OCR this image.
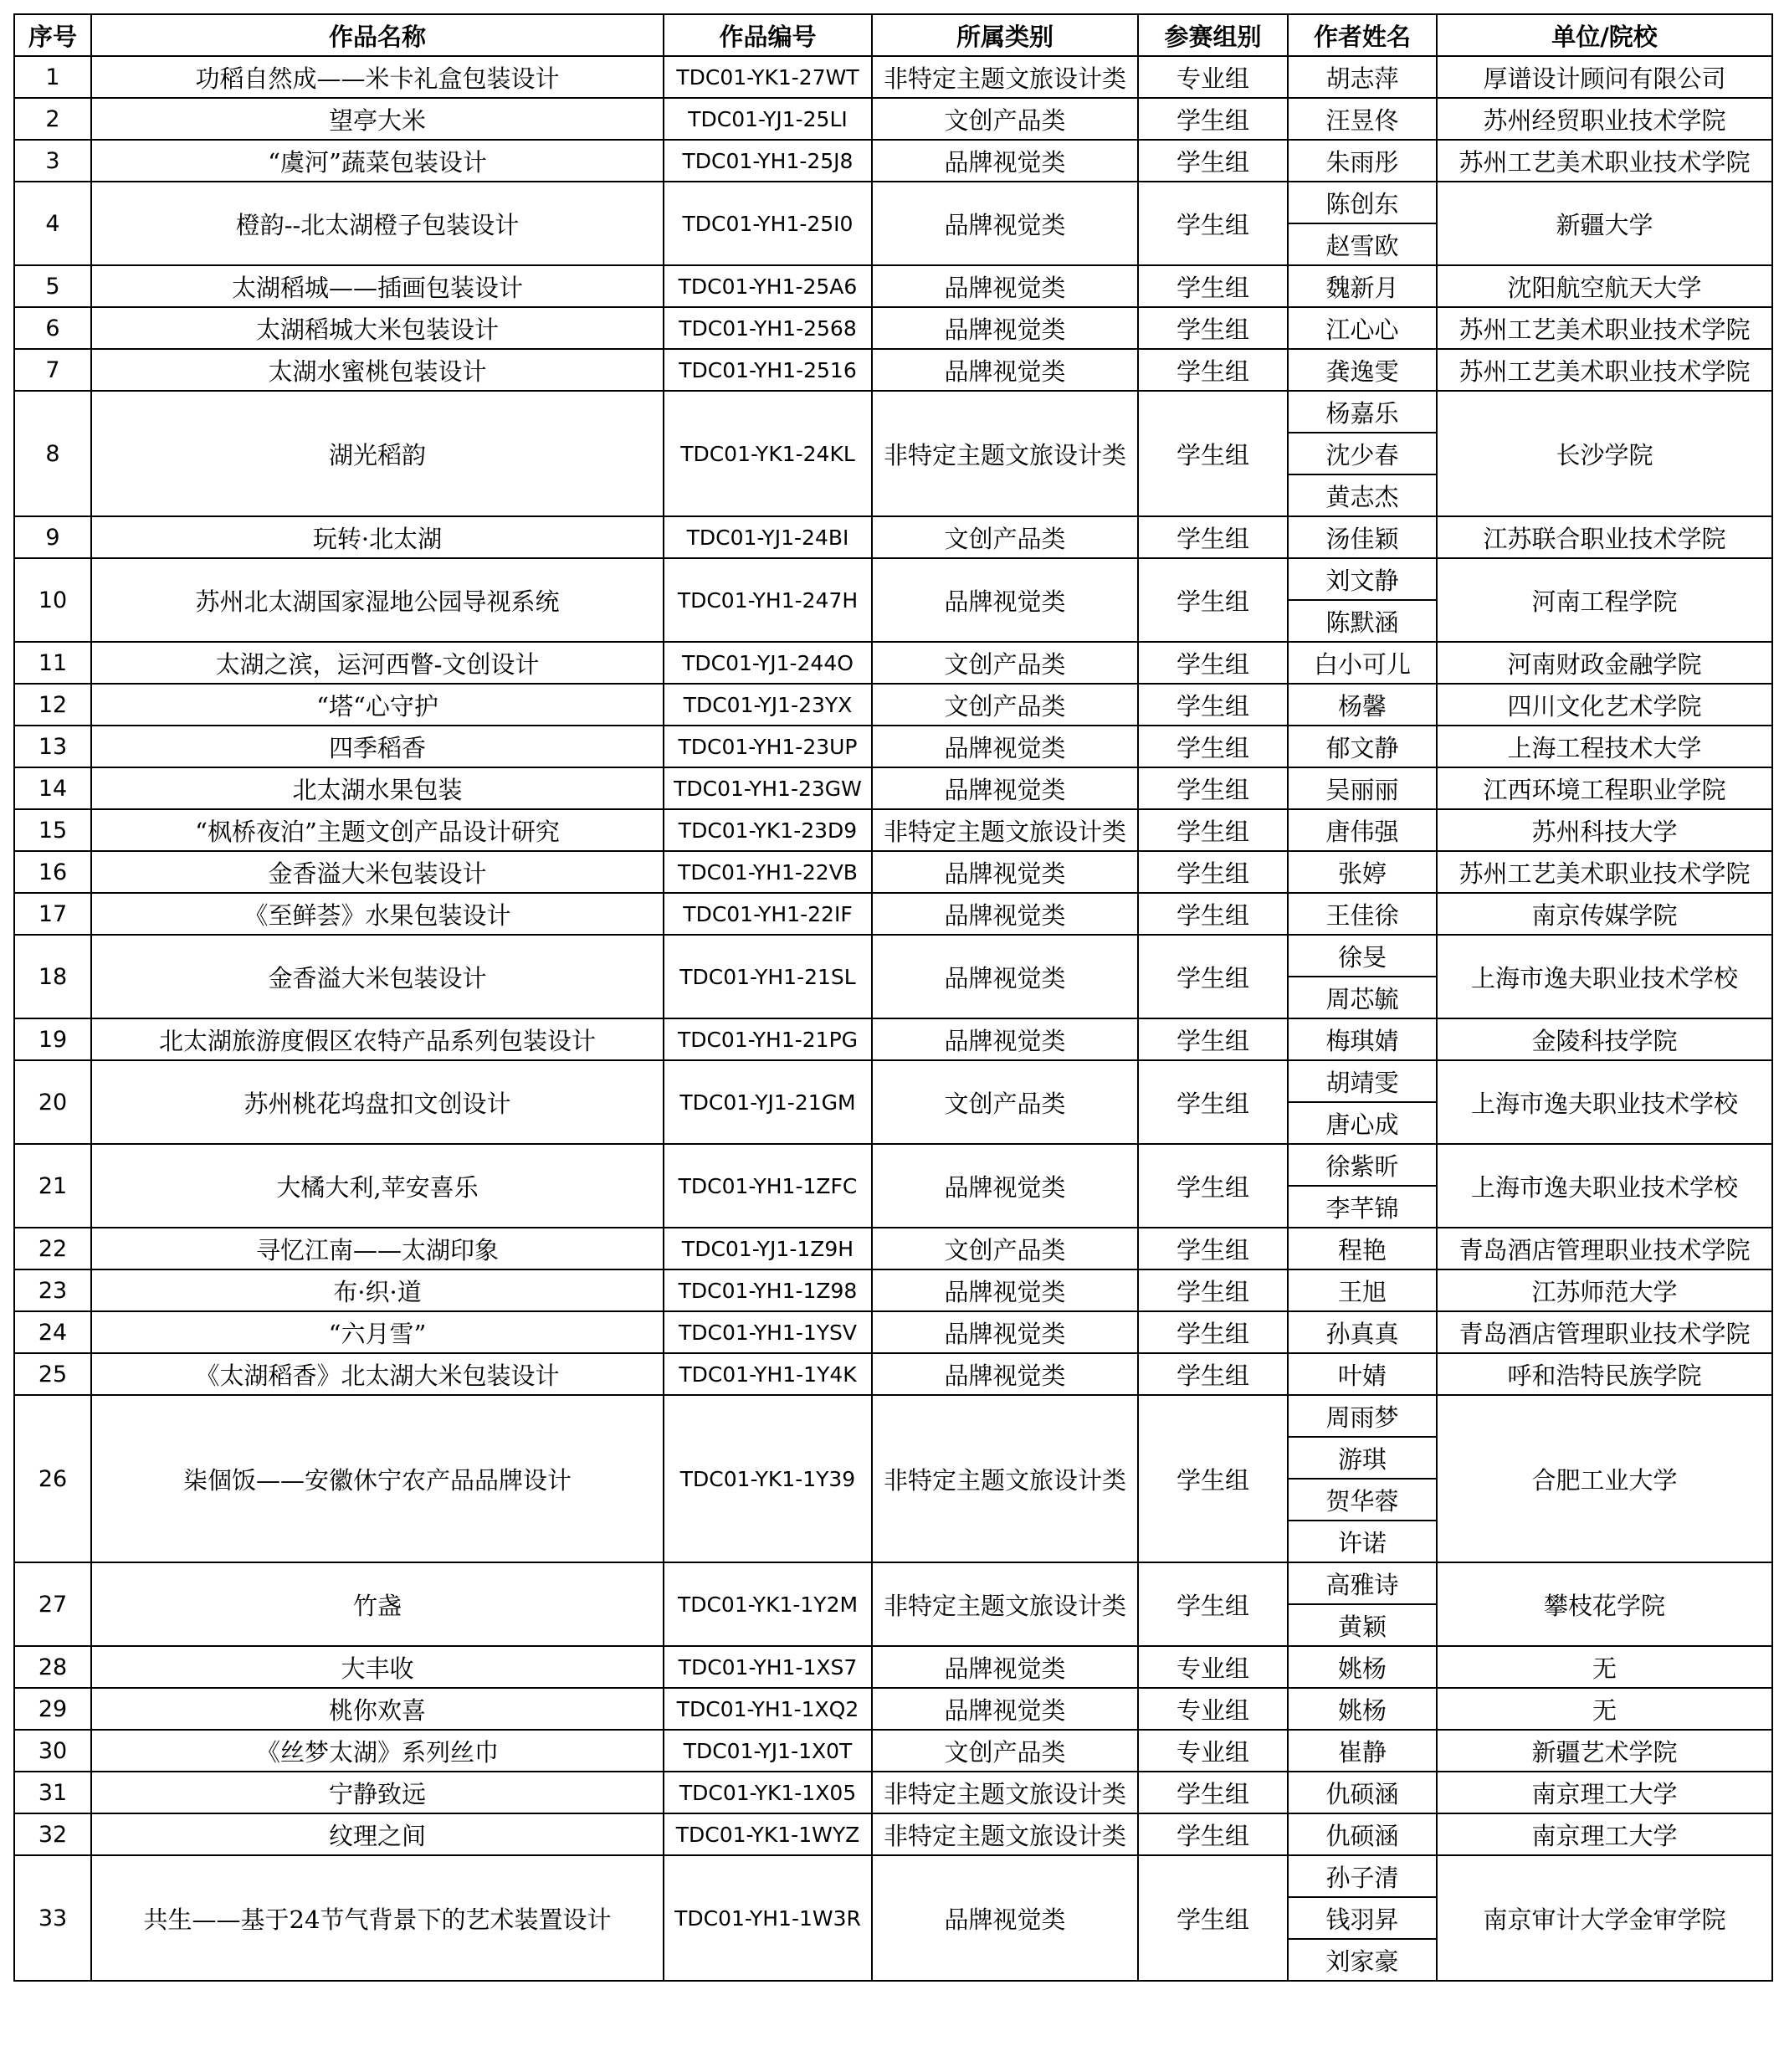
序号	作品名称	作品编号	所属类别	参赛组别	作者姓名	单位/院校
1	功稻自然成——米卡礼盒包装设计	TDC01-YK1-27WT	非特定主题文旅设计类	专业组	胡志萍	厚谱设计顾问有限公司
2	望亭大米	TDC01-YJ1-25LI	文创产品类	学生组	汪昱佟	苏州经贸职业技术学院
3	“虞河”蔬菜包装设计	TDC01-YH1-25J8	品牌视觉类	学生组	朱雨彤	苏州工艺美术职业技术学院
4	橙韵--北太湖橙子包装设计	TDC01-YH1-25I0	品牌视觉类	学生组	陈创东	新疆大学
					赵雪欧	
5	太湖稻城——插画包装设计	TDC01-YH1-25A6	品牌视觉类	学生组	魏新月	沈阳航空航天大学
6	太湖稻城大米包装设计	TDC01-YH1-2568	品牌视觉类	学生组	江心心	苏州工艺美术职业技术学院
7	太湖水蜜桃包装设计	TDC01-YH1-2516	品牌视觉类	学生组	龚逸雯	苏州工艺美术职业技术学院
8	湖光稻韵	TDC01-YK1-24KL	非特定主题文旅设计类	学生组	杨嘉乐	长沙学院
					沈少春	
					黄志杰	
9	玩转·北太湖	TDC01-YJ1-24BI	文创产品类	学生组	汤佳颖	江苏联合职业技术学院
10	苏州北太湖国家湿地公园导视系统	TDC01-YH1-247H	品牌视觉类	学生组	刘文静	河南工程学院
					陈默涵	
11	太湖之滨，运河西瞥-文创设计	TDC01-YJ1-244O	文创产品类	学生组	白小可儿	河南财政金融学院
12	“塔“心守护	TDC01-YJ1-23YX	文创产品类	学生组	杨馨	四川文化艺术学院
13	四季稻香	TDC01-YH1-23UP	品牌视觉类	学生组	郁文静	上海工程技术大学
14	北太湖水果包装	TDC01-YH1-23GW	品牌视觉类	学生组	吴丽丽	江西环境工程职业学院
15	“枫桥夜泊”主题文创产品设计研究	TDC01-YK1-23D9	非特定主题文旅设计类	学生组	唐伟强	苏州科技大学
16	金香溢大米包装设计	TDC01-YH1-22VB	品牌视觉类	学生组	张婷	苏州工艺美术职业技术学院
17	《至鲜荟》水果包装设计	TDC01-YH1-22IF	品牌视觉类	学生组	王佳徐	南京传媒学院
18	金香溢大米包装设计	TDC01-YH1-21SL	品牌视觉类	学生组	徐旻	上海市逸夫职业技术学校
					周芯毓	
19	北太湖旅游度假区农特产品系列包装设计	TDC01-YH1-21PG	品牌视觉类	学生组	梅琪婧	金陵科技学院
20	苏州桃花坞盘扣文创设计	TDC01-YJ1-21GM	文创产品类	学生组	胡靖雯	上海市逸夫职业技术学校
					唐心成	
21	大橘大利,苹安喜乐	TDC01-YH1-1ZFC	品牌视觉类	学生组	徐紫昕	上海市逸夫职业技术学校
					李芊锦	
22	寻忆江南——太湖印象	TDC01-YJ1-1Z9H	文创产品类	学生组	程艳	青岛酒店管理职业技术学院
23	布·织·道	TDC01-YH1-1Z98	品牌视觉类	学生组	王旭	江苏师范大学
24	“六月雪”	TDC01-YH1-1YSV	品牌视觉类	学生组	孙真真	青岛酒店管理职业技术学院
25	《太湖稻香》北太湖大米包装设计	TDC01-YH1-1Y4K	品牌视觉类	学生组	叶婧	呼和浩特民族学院
26	柒個饭——安徽休宁农产品品牌设计	TDC01-YK1-1Y39	非特定主题文旅设计类	学生组	周雨梦	合肥工业大学
					游琪	
					贺华蓉	
					许诺	
27	竹盏	TDC01-YK1-1Y2M	非特定主题文旅设计类	学生组	高雅诗	攀枝花学院
					黄颖	
28	大丰收	TDC01-YH1-1XS7	品牌视觉类	专业组	姚杨	无
29	桃你欢喜	TDC01-YH1-1XQ2	品牌视觉类	专业组	姚杨	无
30	《丝梦太湖》系列丝巾	TDC01-YJ1-1X0T	文创产品类	专业组	崔静	新疆艺术学院
31	宁静致远	TDC01-YK1-1X05	非特定主题文旅设计类	学生组	仇硕涵	南京理工大学
32	纹理之间	TDC01-YK1-1WYZ	非特定主题文旅设计类	学生组	仇硕涵	南京理工大学
33	共生——基于24节气背景下的艺术装置设计	TDC01-YH1-1W3R	品牌视觉类	学生组	孙子清	南京审计大学金审学院
					钱羽昇	
					刘家豪	
